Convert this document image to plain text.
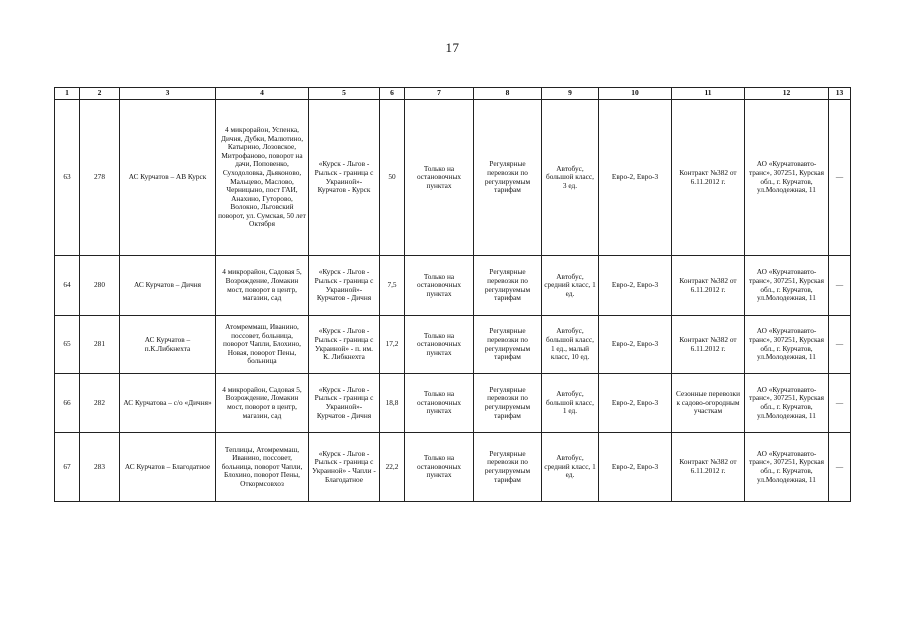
17
1	2	3	4	5	6	7	8	9	10	11	12	13
63	278	АС Курчатов – АВ Курск	4 микрорайон, Успенка, Дичня, Дубки, Малютино, Катырино, Лозовское, Митрофаново, поворот на дачи, Поповенко, Суходоловка, Дьяконово, Мальцево, Маслово, Черницыно, пост ГАИ, Анахино, Гуторово, Волокно, Льговский поворот, ул. Сумская, 50 лет Октября	«Курск - Льгов - Рыльск - граница с Украиной»- Курчатов - Курск	50	Только на остановочных пунктах	Регулярные перевозки по регулируемым тарифам	Автобус, большой класс, 3 ед.	Евро-2, Евро-3	Контракт №382 от 6.11.2012 г.	АО «Курчатовавто-транс», 307251, Курская обл., г. Курчатов, ул.Молодежная, 11	—
64	280	АС Курчатов – Дичня	4 микрорайон, Садовая 5, Возрождение, Ломакин мост, поворот в центр, магазин, сад	«Курск - Льгов - Рыльск - граница с Украиной»- Курчатов - Дичня	7,5	Только на остановочных пунктах	Регулярные перевозки по регулируемым тарифам	Автобус, средний класс, 1 ед.	Евро-2, Евро-3	Контракт №382 от 6.11.2012 г.	АО «Курчатовавто-транс», 307251, Курская обл., г. Курчатов, ул.Молодежная, 11	—
65	281	АС Курчатов – п.К.Либкнехта	Атомреммаш, Иванино, поссовет, больница, поворот Чапли, Блохино, Новая, поворот Пены, больница	«Курск - Льгов - Рыльск - граница с Украиной» - п. им. К. Либкнехта	17,2	Только на остановочных пунктах	Регулярные перевозки по регулируемым тарифам	Автобус, большой класс, 1 ед., малый класс, 10 ед.	Евро-2, Евро-3	Контракт №382 от 6.11.2012 г.	АО «Курчатовавто-транс», 307251, Курская обл., г. Курчатов, ул.Молодежная, 11	—
66	282	АС Курчатова – с/о «Дичня»	4 микрорайон, Садовая 5, Возрождение, Ломакин мост, поворот в центр, магазин, сад	«Курск - Льгов - Рыльск - граница с Украиной»- Курчатов - Дичня	18,8	Только на остановочных пунктах	Регулярные перевозки по регулируемым тарифам	Автобус, большой класс, 1 ед.	Евро-2, Евро-3	Сезонные перевозки к садово-огородным участкам	АО «Курчатовавто-транс», 307251, Курская обл., г. Курчатов, ул.Молодежная, 11	—
67	283	АС Курчатов – Благодатное	Теплицы, Атомреммаш, Иванино, поссовет, больница, поворот Чапли, Блохино, поворот Пены, Откормсовхоз	«Курск - Льгов - Рыльск - граница с Украиной» - Чапли - Благодатное	22,2	Только на остановочных пунктах	Регулярные перевозки по регулируемым тарифам	Автобус, средний класс, 1 ед.	Евро-2, Евро-3	Контракт №382 от 6.11.2012 г.	АО «Курчатовавто-транс», 307251, Курская обл., г. Курчатов, ул.Молодежная, 11	—
